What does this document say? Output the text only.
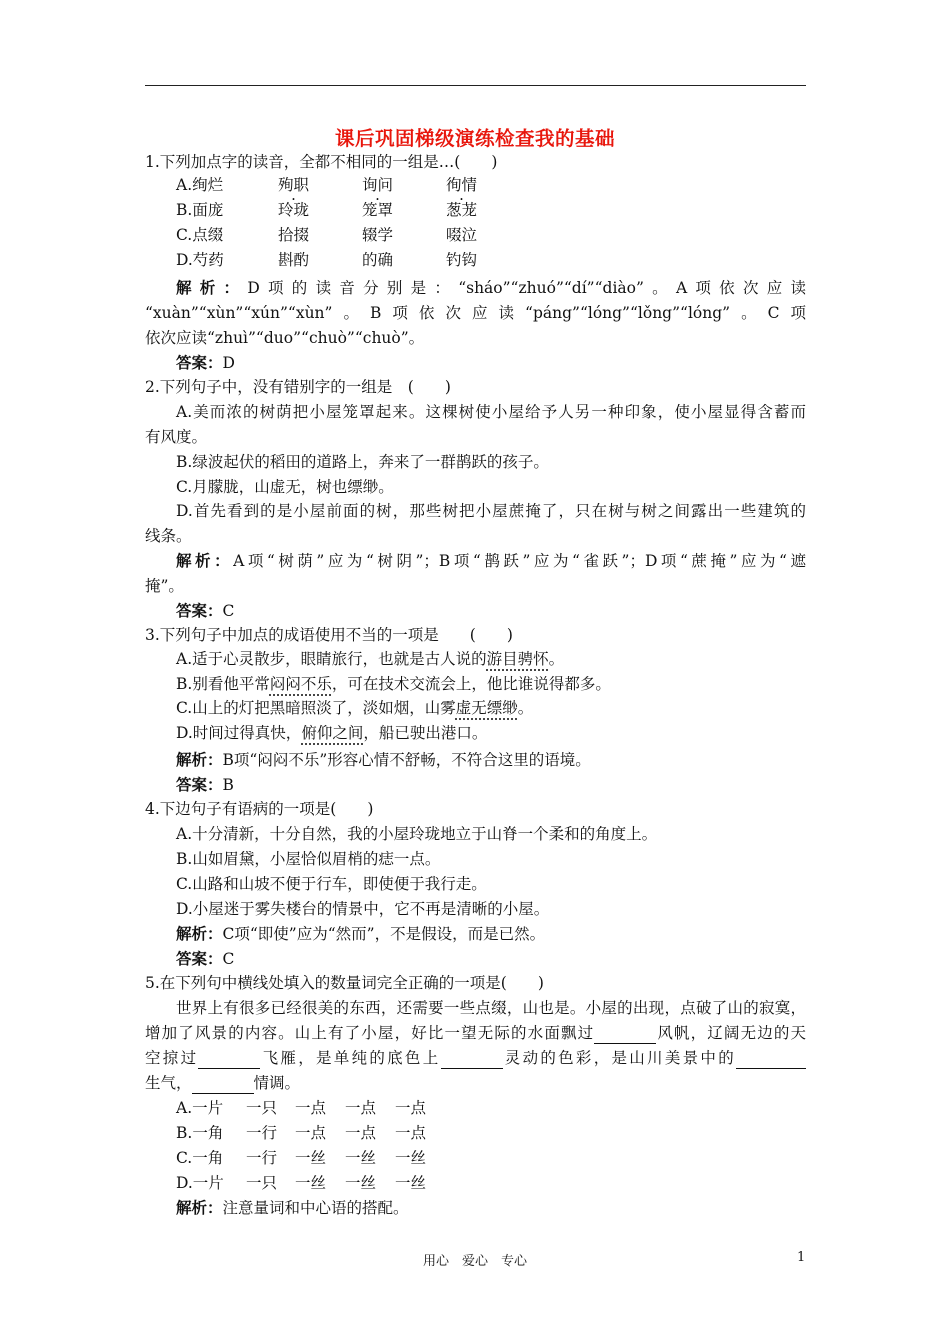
课后巩固梯级演练检查我的基础
1.下列加点字的读音，全都不相同的一组是…(　　)
A.绚烂	殉职	询问	徇情
B.面庞	玲珑	笼罩	葱茏
C.点缀	拾掇	辍学	啜泣
D.芍药	斟酌	的确	钓钩
解析：D项的读音分别是：“sháo”“zhuó”“dí”“diào”。A项依次应读
“xuàn”“xùn”“xún”“xùn”。B项依次应读“páng”“lóng”“lǒng”“lóng”。C项
依次应读“zhuì”“duo”“chuò”“chuò”。
答案：D
2.下列句子中，没有错别字的一组是　(　　)
A.美而浓的树荫把小屋笼罩起来。这棵树使小屋给予人另一种印象，使小屋显得含蓄而
有风度。
B.绿波起伏的稻田的道路上，奔来了一群鹊跃的孩子。
C.月朦胧，山虚无，树也缥缈。
D.首先看到的是小屋前面的树，那些树把小屋蔗掩了，只在树与树之间露出一些建筑的
线条。
解析：A项“树荫”应为“树阴”；B项“鹊跃”应为“雀跃”；D项“蔗掩”应为“遮
掩”。
答案：C
3.下列句子中加点的成语使用不当的一项是　　(　　)
A.适于心灵散步，眼睛旅行，也就是古人说的游目骋怀。
B.别看他平常闷闷不乐，可在技术交流会上，他比谁说得都多。
C.山上的灯把黑暗照淡了，淡如烟，山雾虚无缥缈。
D.时间过得真快，俯仰之间，船已驶出港口。
解析：B项“闷闷不乐”形容心情不舒畅，不符合这里的语境。
答案：B
4.下边句子有语病的一项是(　　)
A.十分清新，十分自然，我的小屋玲珑地立于山脊一个柔和的角度上。
B.山如眉黛，小屋恰似眉梢的痣一点。
C.山路和山坡不便于行车，即使便于我行走。
D.小屋迷于雾失楼台的情景中，它不再是清晰的小屋。
解析：C项“即使”应为“然而”，不是假设，而是已然。
答案：C
5.在下列句中横线处填入的数量词完全正确的一项是(　　)
世界上有很多已经很美的东西，还需要一些点缀，山也是。小屋的出现，点破了山的寂寞，
增加了风景的内容。山上有了小屋，好比一望无际的水面飘过	风帆，辽阔无边的天
空掠过	飞雁，是单纯的底色上	灵动的色彩，是山川美景中的
生气，	情调。
A.一片 一只 一点 一点 一点
B.一角 一行 一点 一点 一点
C.一角 一行 一丝 一丝 一丝
D.一片 一只 一丝 一丝 一丝
解析：注意量词和中心语的搭配。
用心　爱心　专心	1
